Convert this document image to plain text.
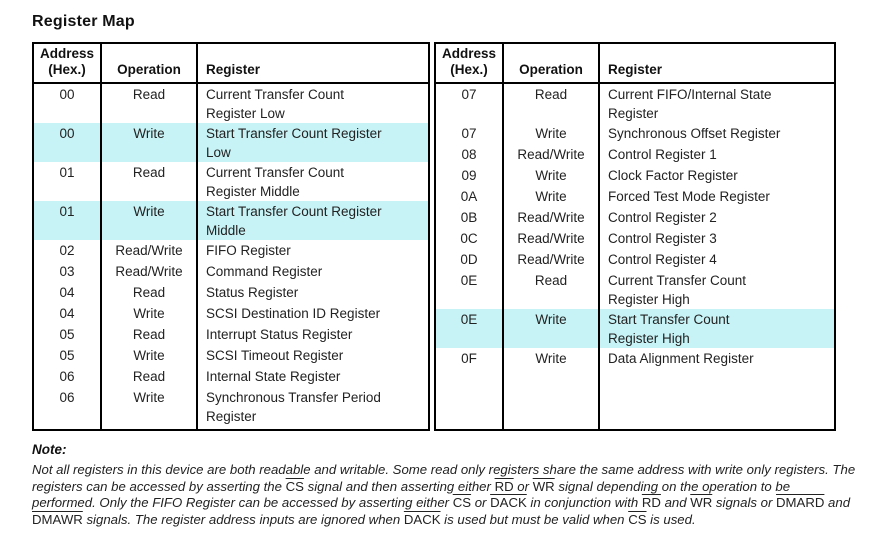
Register Map
Address
(Hex.)	Operation	Register
00	Read	Current Transfer Count
Register Low
00	Write	Start Transfer Count Register
Low
01	Read	Current Transfer Count
Register Middle
01	Write	Start Transfer Count Register
Middle
02	Read/Write	FIFO Register
03	Read/Write	Command Register
04	Read	Status Register
04	Write	SCSI Destination ID Register
05	Read	Interrupt Status Register
05	Write	SCSI Timeout Register
06	Read	Internal State Register
06	Write	Synchronous Transfer Period
Register

Address
(Hex.)	Operation	Register
07	Read	Current FIFO/Internal State
Register
07	Write	Synchronous Offset Register
08	Read/Write	Control Register 1
09	Write	Clock Factor Register
0A	Write	Forced Test Mode Register
0B	Read/Write	Control Register 2
0C	Read/Write	Control Register 3
0D	Read/Write	Control Register 4
0E	Read	Current Transfer Count
Register High
0E	Write	Start Transfer Count
Register High
0F	Write	Data Alignment Register

Note:

Not all registers in this device are both readable and writable. Some read only registers share the same address with write only registers. The registers can be accessed by asserting the $\overline{CS}$ signal and then asserting either $\overline{RD}$ or $\overline{WR}$ signal depending on the operation to be performed. Only the FIFO Register can be accessed by asserting either $\overline{CS}$ or DACK in conjunction with $\overline{RD}$ and $\overline{WR}$ signals or DMARD and DMAWR signals. The register address inputs are ignored when DACK is used but must be valid when $\overline{CS}$ is used.
